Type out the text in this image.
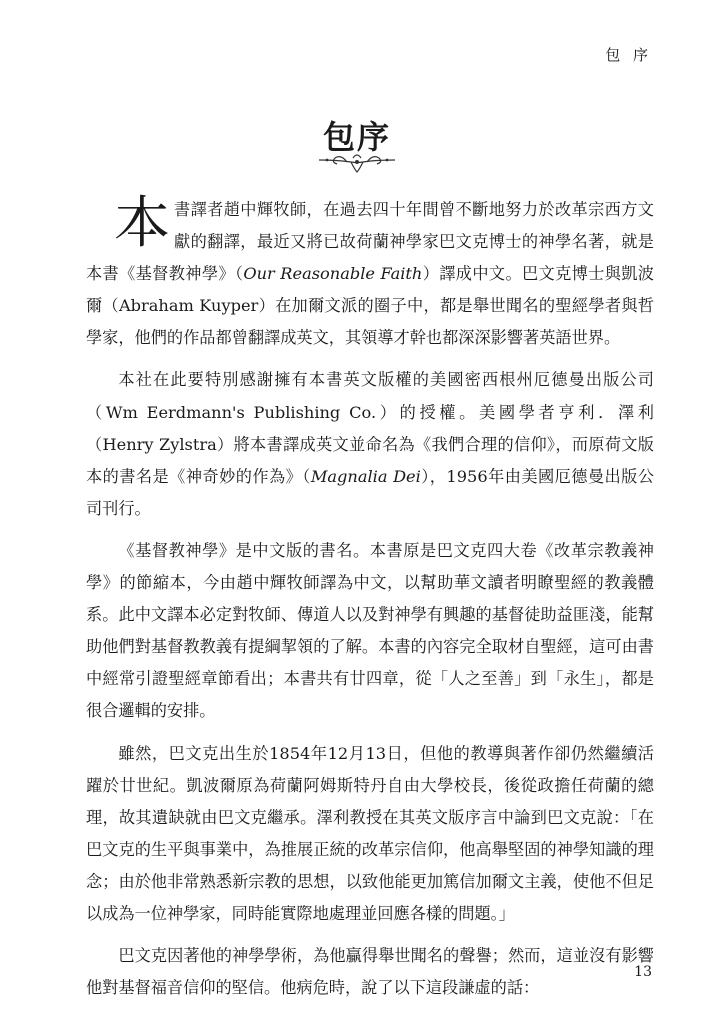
包 序
包序

本書譯者趙中輝牧師，在過去四十年間曾不斷地努力於改革宗西方文獻的翻譯，最近又將已故荷蘭神學家巴文克博士的神學名著，就是本書《基督教神學》（Our Reasonable Faith）譯成中文。巴文克博士與凱波爾（Abraham Kuyper）在加爾文派的圈子中，都是舉世聞名的聖經學者與哲學家，他們的作品都曾翻譯成英文，其領導才幹也都深深影響著英語世界。

本社在此要特別感謝擁有本書英文版權的美國密西根州厄德曼出版公司（Wm Eerdmann's Publishing Co.）的授權。美國學者亨利．澤利（Henry Zylstra）將本書譯成英文並命名為《我們合理的信仰》，而原荷文版本的書名是《神奇妙的作為》（Magnalia Dei），1956年由美國厄德曼出版公司刊行。

《基督教神學》是中文版的書名。本書原是巴文克四大卷《改革宗教義神學》的節縮本，今由趙中輝牧師譯為中文，以幫助華文讀者明瞭聖經的教義體系。此中文譯本必定對牧師、傳道人以及對神學有興趣的基督徒助益匪淺，能幫助他們對基督教教義有提綱挈領的了解。本書的內容完全取材自聖經，這可由書中經常引證聖經章節看出；本書共有廿四章，從「人之至善」到「永生」，都是很合邏輯的安排。

雖然，巴文克出生於1854年12月13日，但他的教導與著作卻仍然繼續活躍於廿世紀。凱波爾原為荷蘭阿姆斯特丹自由大學校長，後從政擔任荷蘭的總理，故其遺缺就由巴文克繼承。澤利教授在其英文版序言中論到巴文克說：「在巴文克的生平與事業中，為推展正統的改革宗信仰，他高舉堅固的神學知識的理念；由於他非常熟悉新宗教的思想，以致他能更加篤信加爾文主義，使他不但足以成為一位神學家，同時能實際地處理並回應各樣的問題。」

巴文克因著他的神學學術，為他贏得舉世聞名的聲譽；然而，這並沒有影響他對基督福音信仰的堅信。他病危時，說了以下這段謙虛的話：

13
